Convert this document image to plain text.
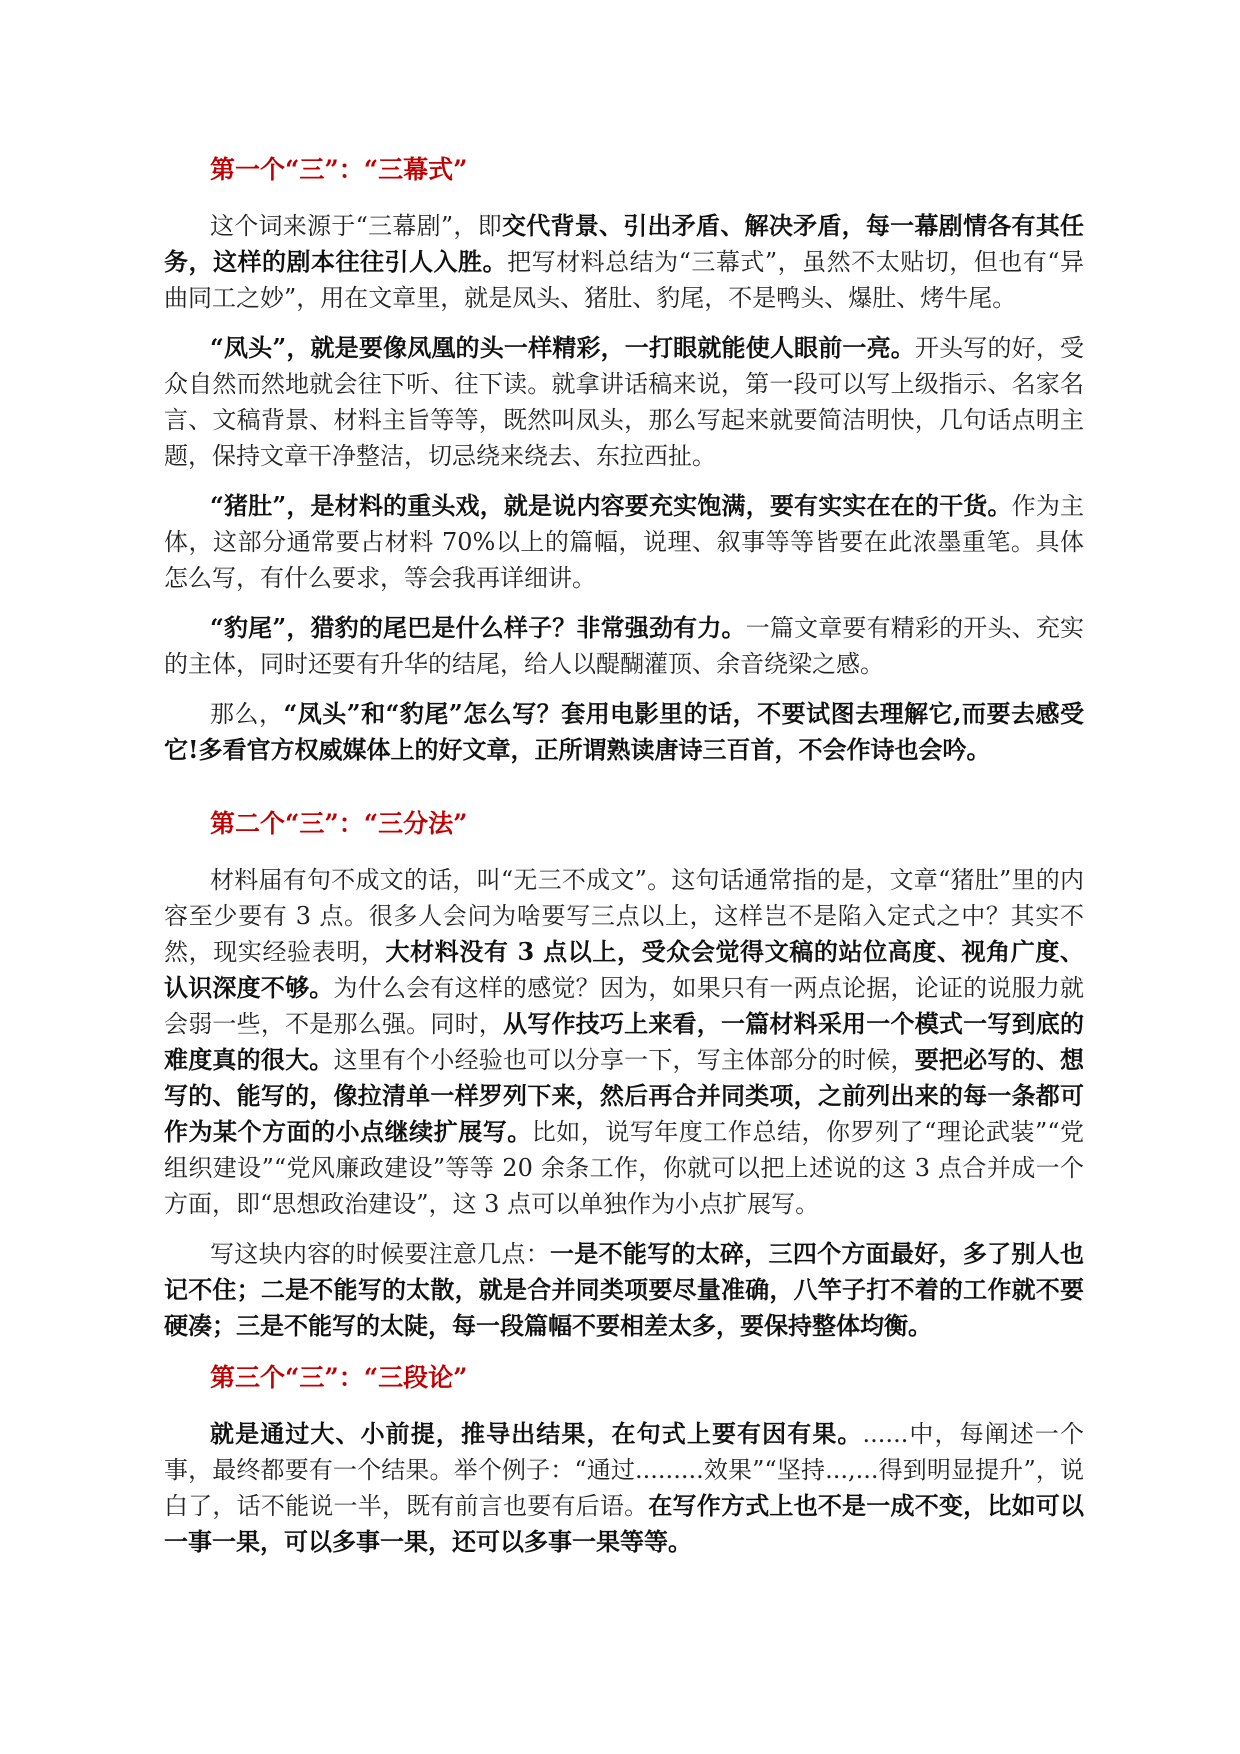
第一个“三”：“三幕式”

这个词来源于“三幕剧”，即交代背景、引出矛盾、解决矛盾，每一幕剧情各有其任务，这样的剧本往往引人入胜。把写材料总结为“三幕式”，虽然不太贴切，但也有“异曲同工之妙”，用在文章里，就是凤头、猪肚、豹尾，不是鸭头、爆肚、烤牛尾。

“凤头”，就是要像凤凰的头一样精彩，一打眼就能使人眼前一亮。开头写的好，受众自然而然地就会往下听、往下读。就拿讲话稿来说，第一段可以写上级指示、名家名言、文稿背景、材料主旨等等，既然叫凤头，那么写起来就要简洁明快，几句话点明主题，保持文章干净整洁，切忌绕来绕去、东拉西扯。

“猪肚”，是材料的重头戏，就是说内容要充实饱满，要有实实在在的干货。作为主体，这部分通常要占材料 70%以上的篇幅，说理、叙事等等皆要在此浓墨重笔。具体怎么写，有什么要求，等会我再详细讲。

“豹尾”，猎豹的尾巴是什么样子？非常强劲有力。一篇文章要有精彩的开头、充实的主体，同时还要有升华的结尾，给人以醍醐灌顶、余音绕梁之感。

那么，“凤头”和“豹尾”怎么写？套用电影里的话，不要试图去理解它,而要去感受它!多看官方权威媒体上的好文章，正所谓熟读唐诗三百首，不会作诗也会吟。

第二个“三”：“三分法”

材料届有句不成文的话，叫“无三不成文”。这句话通常指的是，文章“猪肚”里的内容至少要有 3 点。很多人会问为啥要写三点以上，这样岂不是陷入定式之中？其实不然，现实经验表明，大材料没有 3 点以上，受众会觉得文稿的站位高度、视角广度、认识深度不够。为什么会有这样的感觉？因为，如果只有一两点论据，论证的说服力就会弱一些，不是那么强。同时，从写作技巧上来看，一篇材料采用一个模式一写到底的难度真的很大。这里有个小经验也可以分享一下，写主体部分的时候，要把必写的、想写的、能写的，像拉清单一样罗列下来，然后再合并同类项，之前列出来的每一条都可作为某个方面的小点继续扩展写。比如，说写年度工作总结，你罗列了“理论武装”“党组织建设”“党风廉政建设”等等 20 余条工作，你就可以把上述说的这 3 点合并成一个方面，即“思想政治建设”，这 3 点可以单独作为小点扩展写。

写这块内容的时候要注意几点：一是不能写的太碎，三四个方面最好，多了别人也记不住；二是不能写的太散，就是合并同类项要尽量准确，八竿子打不着的工作就不要硬凑；三是不能写的太陡，每一段篇幅不要相差太多，要保持整体均衡。

第三个“三”：“三段论”

就是通过大、小前提，推导出结果，在句式上要有因有果。......中，每阐述一个事，最终都要有一个结果。举个例子：“通过.........效果”“坚持...,...得到明显提升”，说白了，话不能说一半，既有前言也要有后语。在写作方式上也不是一成不变，比如可以一事一果，可以多事一果，还可以多事一果等等。
